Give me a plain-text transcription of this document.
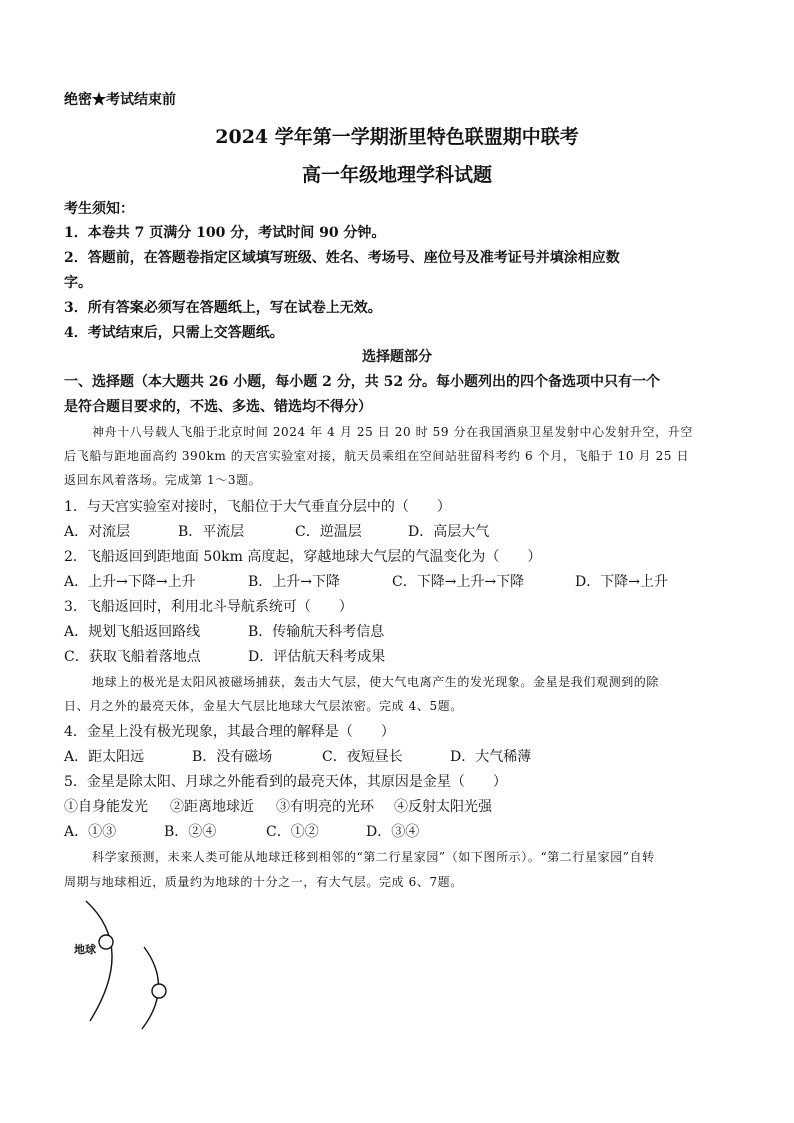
绝密★考试结束前
2024 学年第一学期浙里特色联盟期中联考
高一年级地理学科试题
考生须知：
1．本卷共 7 页满分 100 分，考试时间 90 分钟。
2．答题前，在答题卷指定区域填写班级、姓名、考场号、座位号及准考证号并填涂相应数
字。
3．所有答案必须写在答题纸上，写在试卷上无效。
4．考试结束后，只需上交答题纸。
选择题部分
一、选择题（本大题共 26 小题，每小题 2 分，共 52 分。每小题列出的四个备选项中只有一个
是符合题目要求的，不选、多选、错选均不得分）
神舟十八号载人飞船于北京时间 2024 年 4 月 25 日 20 时 59 分在我国酒泉卫星发射中心发射升空，升空
后飞船与距地面高约 390km 的天宫实验室对接，航天员乘组在空间站驻留科考约 6 个月，飞船于 10 月 25 日
返回东风着落场。完成第 1～3题。
1．与天宫实验室对接时，飞船位于大气垂直分层中的（　　）
A．对流层	B．平流层	C．逆温层	D．高层大气
2．飞船返回到距地面 50km 高度起，穿越地球大气层的气温变化为（　　）
A．上升→下降→上升	B．上升→下降	C．下降→上升→下降	D．下降→上升
3．飞船返回时，利用北斗导航系统可（　　）
A．规划飞船返回路线	B．传输航天科考信息
C．获取飞船着落地点	D．评估航天科考成果
地球上的极光是太阳风被磁场捕获，轰击大气层，使大气电离产生的发光现象。金星是我们观测到的除
日、月之外的最亮天体，金星大气层比地球大气层浓密。完成 4、5题。
4．金星上没有极光现象，其最合理的解释是（　　）
A．距太阳远	B．没有磁场	C．夜短昼长	D．大气稀薄
5．金星是除太阳、月球之外能看到的最亮天体，其原因是金星（　　）
①自身能发光 ②距离地球近 ③有明亮的光环 ④反射太阳光强
A．①③	B．②④	C．①②	D．③④
科学家预测，未来人类可能从地球迁移到相邻的“第二行星家园”（如下图所示）。“第二行星家园”自转
周期与地球相近，质量约为地球的十分之一，有大气层。完成 6、7题。
地球
